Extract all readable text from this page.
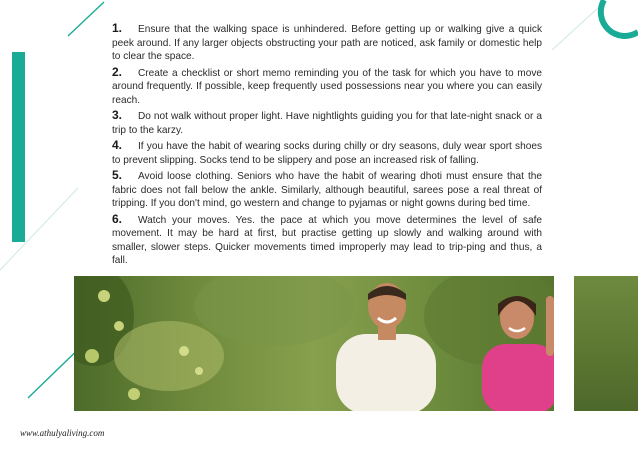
1. Ensure that the walking space is unhindered. Before getting up or walking give a quick peek around. If any larger objects obstructing your path are noticed, ask family or domestic help to clear the space.

2. Create a checklist or short memo reminding you of the task for which you have to move around frequently. If possible, keep frequently used possessions near you where you can easily reach.

3. Do not walk without proper light. Have nightlights guiding you for that late-night snack or a trip to the karzy.

4. If you have the habit of wearing socks during chilly or dry seasons, duly wear sport shoes to prevent slipping. Socks tend to be slippery and pose an increased risk of falling.

5. Avoid loose clothing. Seniors who have the habit of wearing dhoti must ensure that the fabric does not fall below the ankle. Similarly, although beautiful, sarees pose a real threat of tripping. If you don't mind, go western and change to pyjamas or night gowns during bed time.

6. Watch your moves. Yes. the pace at which you move determines the level of safe movement. It may be hard at first, but practise getting up slowly and walking around with smaller, slower steps. Quicker movements timed improperly may lead to trip-ping and thus, a fall.

www.athulyaliving.com
